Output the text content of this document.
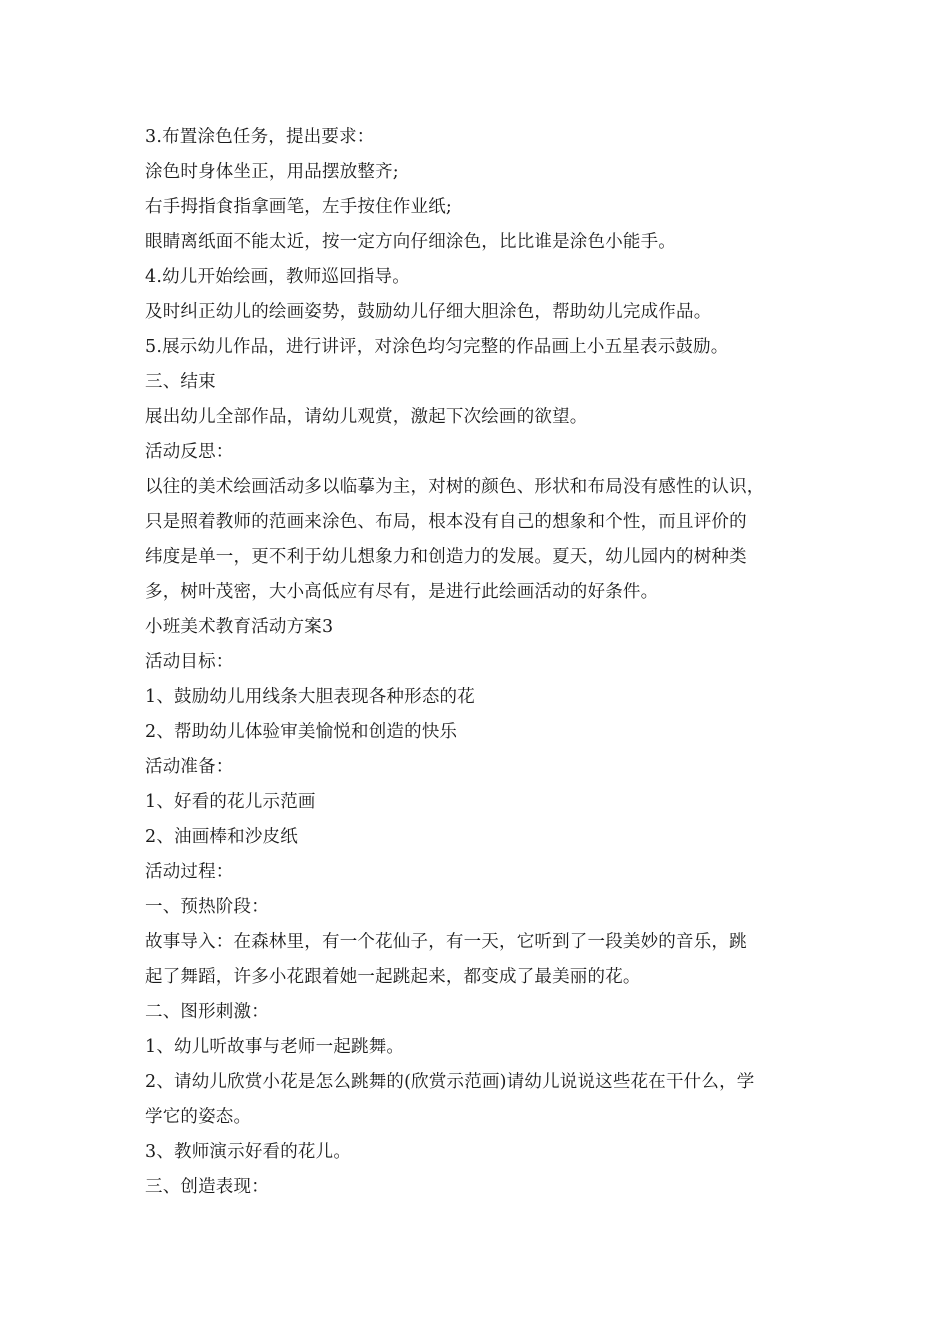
3.布置涂色任务，提出要求：
涂色时身体坐正，用品摆放整齐;
右手拇指食指拿画笔，左手按住作业纸;
眼睛离纸面不能太近，按一定方向仔细涂色，比比谁是涂色小能手。
4.幼儿开始绘画，教师巡回指导。
及时纠正幼儿的绘画姿势，鼓励幼儿仔细大胆涂色，帮助幼儿完成作品。
5.展示幼儿作品，进行讲评，对涂色均匀完整的作品画上小五星表示鼓励。
三、结束
展出幼儿全部作品，请幼儿观赏，激起下次绘画的欲望。
活动反思：
以往的美术绘画活动多以临摹为主，对树的颜色、形状和布局没有感性的认识，
只是照着教师的范画来涂色、布局，根本没有自己的想象和个性，而且评价的
纬度是单一，更不利于幼儿想象力和创造力的发展。夏天，幼儿园内的树种类
多，树叶茂密，大小高低应有尽有，是进行此绘画活动的好条件。
小班美术教育活动方案3
活动目标：
1、鼓励幼儿用线条大胆表现各种形态的花
2、帮助幼儿体验审美愉悦和创造的快乐
活动准备：
1、好看的花儿示范画
2、油画棒和沙皮纸
活动过程：
一、预热阶段：
故事导入：在森林里，有一个花仙子，有一天，它听到了一段美妙的音乐，跳
起了舞蹈，许多小花跟着她一起跳起来，都变成了最美丽的花。
二、图形刺激：
1、幼儿听故事与老师一起跳舞。
2、请幼儿欣赏小花是怎么跳舞的(欣赏示范画)请幼儿说说这些花在干什么，学
学它的姿态。
3、教师演示好看的花儿。
三、创造表现：
